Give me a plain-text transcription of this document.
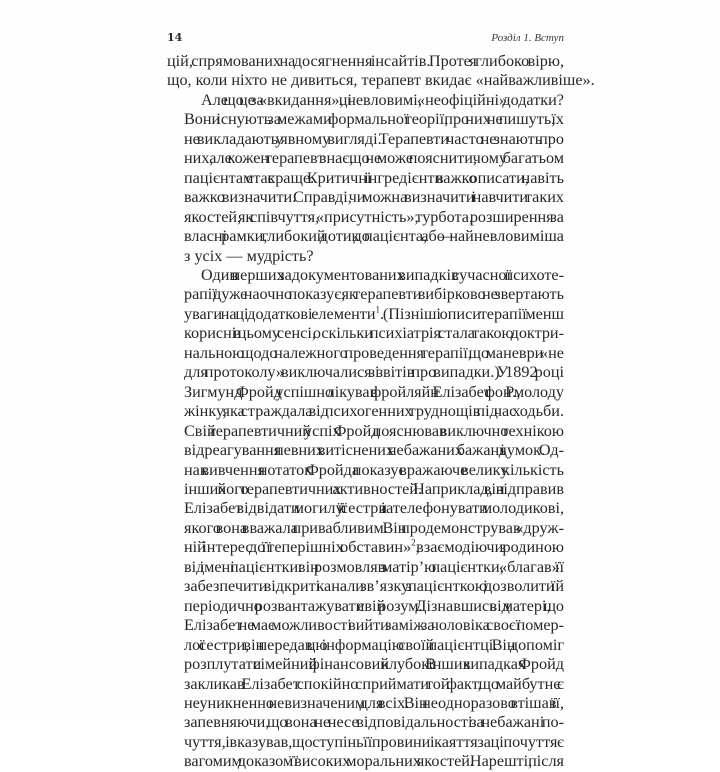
14	Розділ 1. Вступ

цій, спрямованих на досягнення інсайтів. Проте я глибоко вірю,
що, коли ніхто не дивиться, терапевт вкидає «найважливіше».

Але що це за «вкидання», ці невловимі, «неофіційні» додатки?
Вони існують за межами формальної теорії, про них не пишуть, їх
не викладають у явному вигляді. Терапевти часто не знають про
них, але кожен терапевт знає, що не може пояснити, чому багатьом
пацієнтам стає краще. Критичні інгредієнти важко описати, навіть
важко визначити. Справді, чи можна визначити і навчити таких
якостей, як співчуття, «присутність», турбота, розширення за
власні рамки, глибокий дотик до пацієнта, або — найневловиміша
з усіх — мудрість?

Один з перших задокументованих випадків сучасної психоте-
рапії дуже наочно показує, як терапевти вибірково не звертають
уваги на ці додаткові елементи$^1$. (Пізніші описи терапії менш
корисні в цьому сенсі, оскільки психіатрія стала такою доктри-
нальною щодо належного проведення терапії, що маневри «не
для протоколу» виключалися зі звітів про випадки.) У 1892 році
Зигмунд Фройд успішно лікував фройляйн Елізабет фон Р., молоду
жінку, яка страждала від психогенних труднощів під час ходьби.
Свій терапевтичний успіх Фройд пояснював виключно технікою
відреагування певних витіснених небажаних бажань і думок. Од-
нак вивчення нотаток Фройда показує вражаюче велику кількість
інших його терапевтичних активностей. Наприклад, він відправив
Елізабет відвідати могилу її сестри і зателефонувати молодикові,
якого вона вважала привабливим. Він продемонстрував «друж-
ній інтерес до її теперішніх обставин»$^2$, взаємодіючи з родиною
від імені пацієнтки: він розмовляв з матір’ю пацієнтки, «благав» її
забезпечити відкриті канали зв’язку з пацієнткою і дозволити їй
періодично розвантажувати свій розум. Дізнавшись від матері, що
Елізабет не має можливості вийти заміж за чоловіка своєї помер-
лої сестри, він передав цю інформацію своїй пацієнтці. Він допоміг
розплутати сімейний фінансовий клубок. В інших випадках Фройд
закликав Елізабет спокійно сприймати той факт, що майбутнє є
неуникненно невизначеним для всіх. Він неодноразово втішав її,
запевняючи, що вона не несе відповідальності за небажані по-
чуття, і вказував, що ступінь її провини і каяття за ці почуття є
вагомим доказом її високих моральних якостей. Нарешті, після
